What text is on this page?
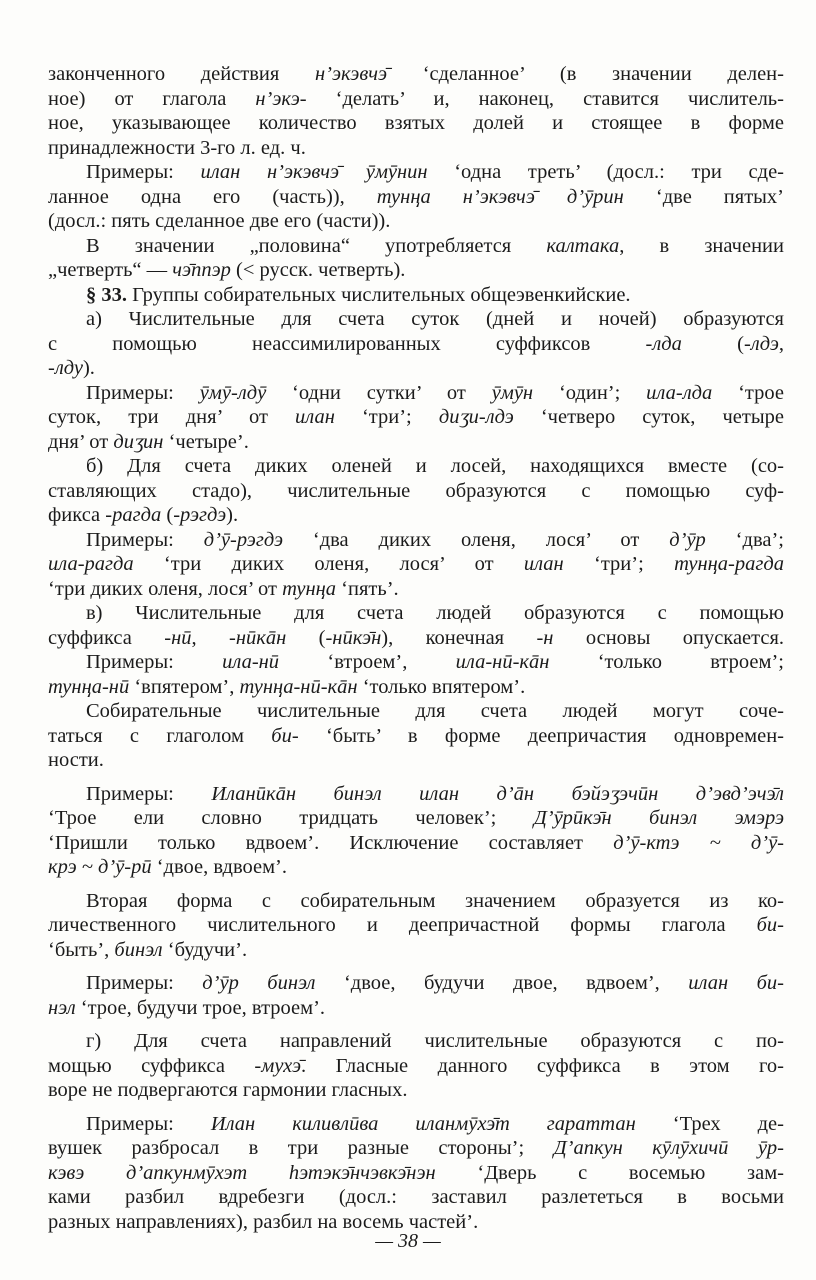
законченного действия н’экэвчэ̄ ‘сделанное’ (в значении делен-
ное) от глагола н’экэ- ‘делать’ и, наконец, ставится числитель-
ное, указывающее количество взятых долей и стоящее в форме
принадлежности 3-го л. ед. ч.
Примеры: илан н’экэвчэ̄ ӯмӯнин ‘одна треть’ (досл.: три сде-
ланное одна его (часть)), тунңа н’экэвчэ̄ д’ӯрин ‘две пятых’
(досл.: пять сделанное две его (части)).
В значении „половина“ употребляется калтака, в значении
„четверть“ — чэ̄ппэр (< русск. четверть).
§ 33. Группы собирательных числительных общеэвенкийские.
а) Числительные для счета суток (дней и ночей) образуются
с помощью неассимилированных суффиксов -лда (-лдэ,
-лду).
Примеры: ӯмӯ-лдӯ ‘одни сутки’ от ӯмӯн ‘один’; ила-лда ‘трое
суток, три дня’ от илан ‘три’; диӡи-лдэ ‘четверо суток, четыре
дня’ от диӡин ‘четыре’.
б) Для счета диких оленей и лосей, находящихся вместе (со-
ставляющих стадо), числительные образуются с помощью суф-
фикса -рагда (-рэгдэ).
Примеры: д’ӯ-рэгдэ ‘два диких оленя, лося’ от д’ӯр ‘два’;
ила-рагда ‘три диких оленя, лося’ от илан ‘три’; тунңа-рагда
‘три диких оленя, лося’ от тунңа ‘пять’.
в) Числительные для счета людей образуются с помощью
суффикса -нӣ, -нӣкāн (-нӣкэ̄н), конечная -н основы опускается.
Примеры: ила-нӣ ‘втроем’, ила-нӣ-кāн ‘только втроем’;
тунңа-нӣ ‘впятером’, тунңа-нӣ-кāн ‘только впятером’.
Собирательные числительные для счета людей могут соче-
таться с глаголом би- ‘быть’ в форме деепричастия одновремен-
ности.
Примеры: Иланӣкāн бинэл илан д’āн бэйэӡэчӣн д’эвд’эчэ̄л
‘Трое ели словно тридцать человек’; Д’ӯрӣкэ̄н бинэл эмэрэ
‘Пришли только вдвоем’. Исключение составляет д’ӯ-ктэ ~ д’ӯ-
крэ ~ д’ӯ-рӣ ‘двое, вдвоем’.
Вторая форма с собирательным значением образуется из ко-
личественного числительного и деепричастной формы глагола би-
‘быть’, бинэл ‘будучи’.
Примеры: д’ӯр бинэл ‘двое, будучи двое, вдвоем’, илан би-
нэл ‘трое, будучи трое, втроем’.
г) Для счета направлений числительные образуются с по-
мощью суффикса -мухэ̄. Гласные данного суффикса в этом го-
воре не подвергаются гармонии гласных.
Примеры: Илан киливлӣва иланмӯхэ̄т гараттан ‘Трех де-
вушек разбросал в три разные стороны’; Д’апкун кӯлӯхичӣ ӯр-
кэвэ д’апкунмӯхэт һэтэкэ̄нчэвкэ̄нэн ‘Дверь с восемью зам-
ками разбил вдребезги (досл.: заставил разлететься в восьми
разных направлениях), разбил на восемь частей’.
— 38 —
